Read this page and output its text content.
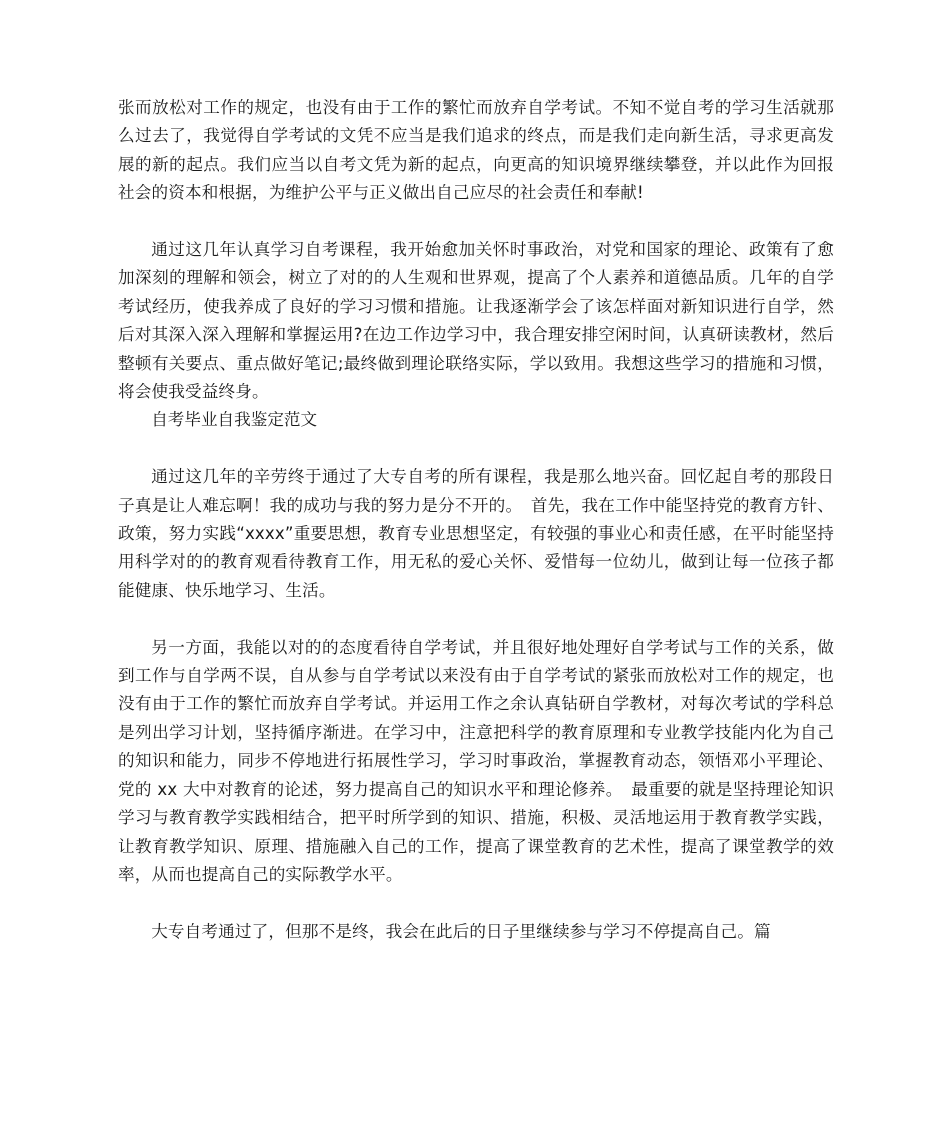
张而放松对工作的规定，也没有由于工作的繁忙而放弃自学考试。不知不觉自考的学习生活就那么过去了，我觉得自学考试的文凭不应当是我们追求的终点，而是我们走向新生活，寻求更高发展的新的起点。我们应当以自考文凭为新的起点，向更高的知识境界继续攀登，并以此作为回报社会的资本和根据，为维护公平与正义做出自己应尽的社会责任和奉献!

通过这几年认真学习自考课程，我开始愈加关怀时事政治，对党和国家的理论、政策有了愈加深刻的理解和领会，树立了对的的人生观和世界观，提高了个人素养和道德品质。几年的自学考试经历，使我养成了良好的学习习惯和措施。让我逐渐学会了该怎样面对新知识进行自学，然后对其深入深入理解和掌握运用?在边工作边学习中，我合理安排空闲时间，认真研读教材，然后整顿有关要点、重点做好笔记;最终做到理论联络实际，学以致用。我想这些学习的措施和习惯，将会使我受益终身。

自考毕业自我鉴定范文

通过这几年的辛劳终于通过了大专自考的所有课程，我是那么地兴奋。回忆起自考的那段日子真是让人难忘啊！我的成功与我的努力是分不开的。　首先，我在工作中能坚持党的教育方针、政策，努力实践“xxxx”重要思想，教育专业思想坚定，有较强的事业心和责任感，在平时能坚持用科学对的的教育观看待教育工作，用无私的爱心关怀、爱惜每一位幼儿，做到让每一位孩子都能健康、快乐地学习、生活。

另一方面，我能以对的的态度看待自学考试，并且很好地处理好自学考试与工作的关系，做到工作与自学两不误，自从参与自学考试以来没有由于自学考试的紧张而放松对工作的规定，也没有由于工作的繁忙而放弃自学考试。并运用工作之余认真钻研自学教材，对每次考试的学科总是列出学习计划，坚持循序渐进。在学习中，注意把科学的教育原理和专业教学技能内化为自己的知识和能力，同步不停地进行拓展性学习，学习时事政治，掌握教育动态，领悟邓小平理论、党的 xx 大中对教育的论述，努力提高自己的知识水平和理论修养。　最重要的就是坚持理论知识学习与教育教学实践相结合，把平时所学到的知识、措施，积极、灵活地运用于教育教学实践，让教育教学知识、原理、措施融入自己的工作，提高了课堂教育的艺术性，提高了课堂教学的效率，从而也提高自己的实际教学水平。

大专自考通过了，但那不是终，我会在此后的日子里继续参与学习不停提高自己。篇
